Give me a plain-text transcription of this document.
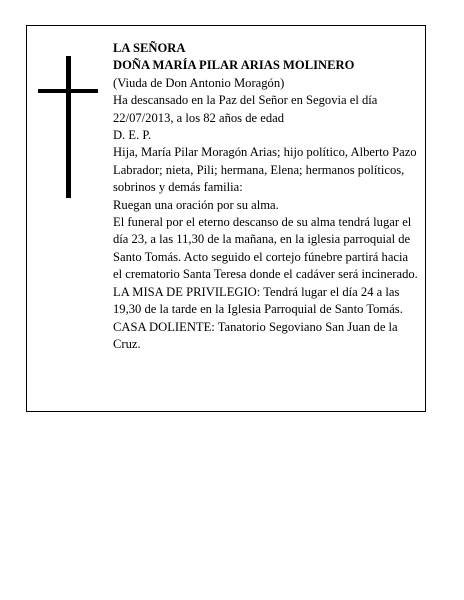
LA SEÑORA

DOÑA MARÍA PILAR ARIAS MOLINERO

(Viuda de Don Antonio Moragón)

Ha descansado en la Paz del Señor en Segovia el día 22/07/2013, a los 82 años de edad

D. E. P.

Hija, María Pilar Moragón Arias; hijo político, Alberto Pazo Labrador; nieta, Pili; hermana, Elena; hermanos políticos, sobrinos y demás familia:

Ruegan una oración por su alma.

El funeral por el eterno descanso de su alma tendrá lugar el día 23, a las 11,30 de la mañana, en la iglesia parroquial de Santo Tomás. Acto seguido el cortejo fúnebre partirá hacia el crematorio Santa Teresa donde el cadáver será incinerado.

LA MISA DE PRIVILEGIO: Tendrá lugar el día 24 a las 19,30 de la tarde en la Iglesia Parroquial de Santo Tomás. CASA DOLIENTE: Tanatorio Segoviano San Juan de la Cruz.
